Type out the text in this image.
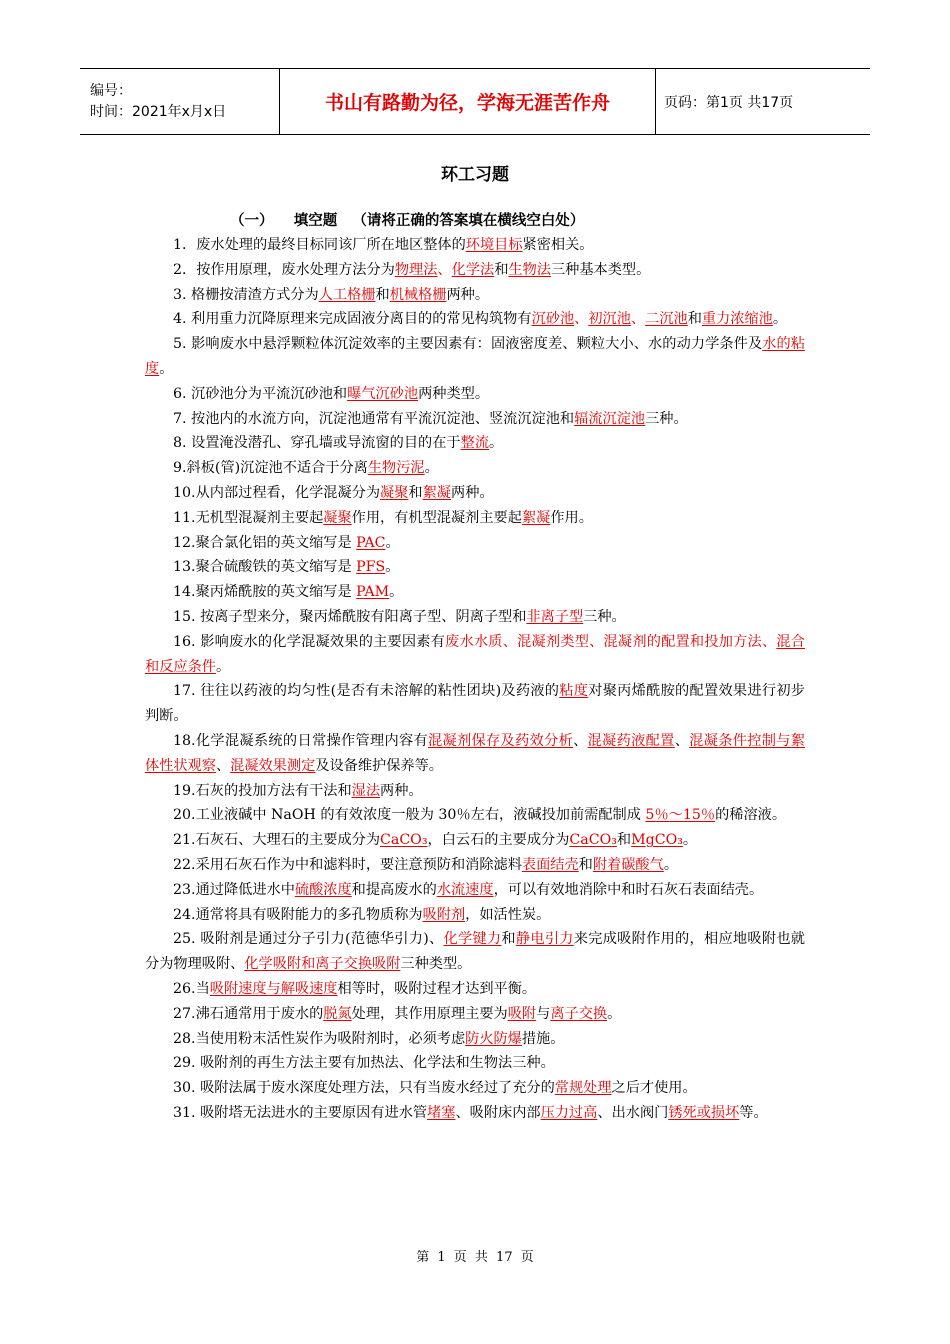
编号：
时间：2021年x月x日	书山有路勤为径，学海无涯苦作舟	页码：第1页 共17页
环工习题
（一）    填空题   （请将正确的答案填在横线空白处）

1．废水处理的最终目标同该厂所在地区整体的环境目标紧密相关。

2．按作用原理，废水处理方法分为物理法、化学法和生物法三种基本类型。

3. 格栅按清渣方式分为人工格栅和机械格栅两种。

4. 利用重力沉降原理来完成固液分离目的的常见构筑物有沉砂池、初沉池、二沉池和重力浓缩池。

5. 影响废水中悬浮颗粒体沉淀效率的主要因素有：固液密度差、颗粒大小、水的动力学条件及水的粘度。

6. 沉砂池分为平流沉砂池和曝气沉砂池两种类型。

7. 按池内的水流方向，沉淀池通常有平流沉淀池、竖流沉淀池和辐流沉淀池三种。

8. 设置淹没潜孔、穿孔墙或导流窗的目的在于整流。

9.斜板(管)沉淀池不适合于分离生物污泥。

10.从内部过程看，化学混凝分为凝聚和絮凝两种。

11.无机型混凝剂主要起凝聚作用，有机型混凝剂主要起絮凝作用。

12.聚合氯化铝的英文缩写是 PAC。

13.聚合硫酸铁的英文缩写是 PFS。

14.聚丙烯酰胺的英文缩写是 PAM。

15. 按离子型来分，聚丙烯酰胺有阳离子型、阴离子型和非离子型三种。

16. 影响废水的化学混凝效果的主要因素有废水水质、混凝剂类型、混凝剂的配置和投加方法、混合和反应条件。

17. 往往以药液的均匀性(是否有未溶解的粘性团块)及药液的粘度对聚丙烯酰胺的配置效果进行初步判断。

18.化学混凝系统的日常操作管理内容有混凝剂保存及药效分析、混凝药液配置、混凝条件控制与絮体性状观察、混凝效果测定及设备维护保养等。

19.石灰的投加方法有干法和湿法两种。

20.工业液碱中 NaOH 的有效浓度一般为 30％左右，液碱投加前需配制成 5％～15％的稀溶液。

21.石灰石、大理石的主要成分为CaCO₃，白云石的主要成分为CaCO₃和MgCO₃。

22.采用石灰石作为中和滤料时，要注意预防和消除滤料表面结壳和附着碳酸气。

23.通过降低进水中硫酸浓度和提高废水的水流速度，可以有效地消除中和时石灰石表面结壳。

24.通常将具有吸附能力的多孔物质称为吸附剂，如活性炭。

25. 吸附剂是通过分子引力(范德华引力)、化学键力和静电引力来完成吸附作用的，相应地吸附也就分为物理吸附、化学吸附和离子交换吸附三种类型。

26.当吸附速度与解吸速度相等时，吸附过程才达到平衡。

27.沸石通常用于废水的脱氮处理，其作用原理主要为吸附与离子交换。

28.当使用粉末活性炭作为吸附剂时，必须考虑防火防爆措施。

29. 吸附剂的再生方法主要有加热法、化学法和生物法三种。

30. 吸附法属于废水深度处理方法，只有当废水经过了充分的常规处理之后才使用。

31. 吸附塔无法进水的主要原因有进水管堵塞、吸附床内部压力过高、出水阀门锈死或损坏等。

第 1 页 共 17 页
